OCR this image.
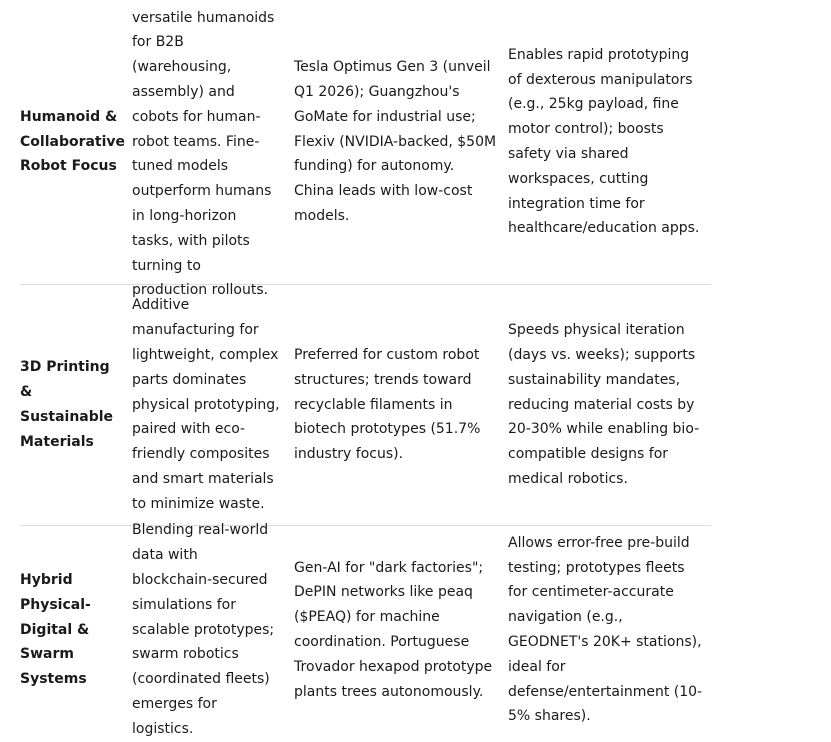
Humanoid & Collaborative Robot Focus
versatile humanoids for B2B (warehousing, assembly) and cobots for human-robot teams. Fine-tuned models outperform humans in long-horizon tasks, with pilots turning to production rollouts.
Tesla Optimus Gen 3 (unveil Q1 2026); Guangzhou's GoMate for industrial use; Flexiv (NVIDIA-backed, $50M funding) for autonomy. China leads with low-cost models.
Enables rapid prototyping of dexterous manipulators (e.g., 25kg payload, fine motor control); boosts safety via shared workspaces, cutting integration time for healthcare/education apps.
3D Printing & Sustainable Materials
Additive manufacturing for lightweight, complex parts dominates physical prototyping, paired with eco-friendly composites and smart materials to minimize waste.
Preferred for custom robot structures; trends toward recyclable filaments in biotech prototypes (51.7% industry focus).
Speeds physical iteration (days vs. weeks); supports sustainability mandates, reducing material costs by 20-30% while enabling bio-compatible designs for medical robotics.
Hybrid Physical-Digital & Swarm Systems
Blending real-world data with blockchain-secured simulations for scalable prototypes; swarm robotics (coordinated fleets) emerges for logistics.
Gen-AI for "dark factories"; DePIN networks like peaq ($PEAQ) for machine coordination. Portuguese Trovador hexapod prototype plants trees autonomously.
Allows error-free pre-build testing; prototypes fleets for centimeter-accurate navigation (e.g., GEODNET's 20K+ stations), ideal for defense/entertainment (10-5% shares).
